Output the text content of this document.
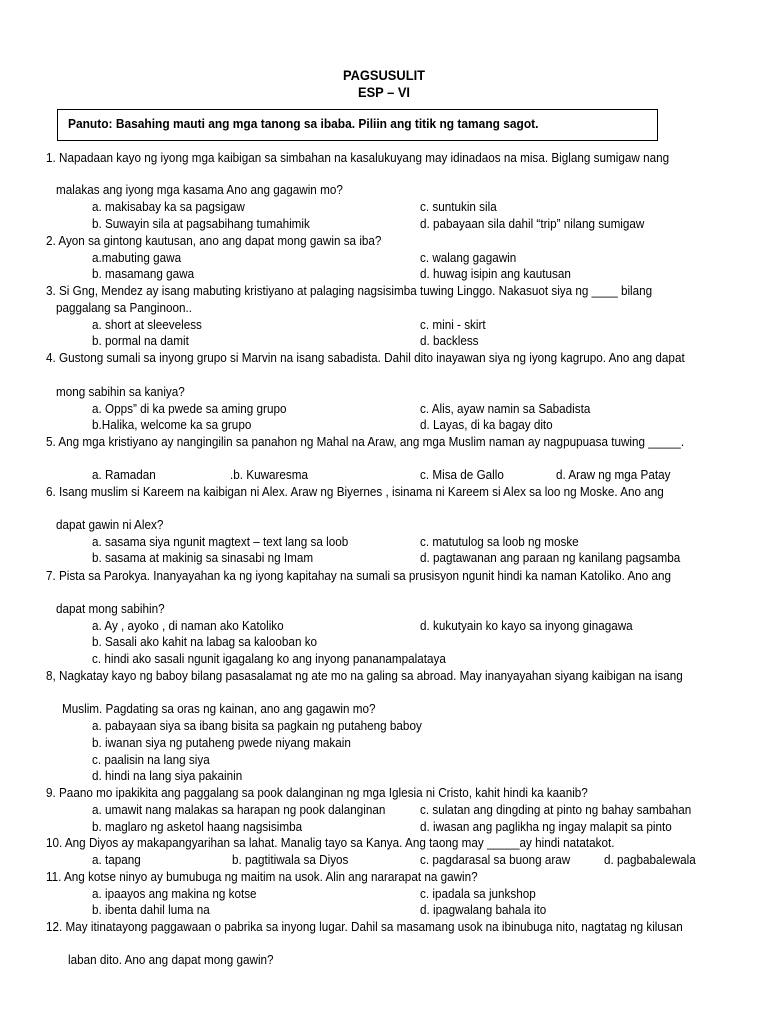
PAGSUSULIT
ESP – VI
Panuto: Basahing mauti ang mga tanong sa ibaba. Piliin ang titik ng tamang sagot.
1. Napadaan kayo ng iyong mga kaibigan sa simbahan na kasalukuyang may idinadaos na misa. Biglang sumigaw nang
malakas ang iyong mga kasama Ano ang gagawin mo?
a. makisabay ka sa pagsigaw	c. suntukin sila
b. Suwayin sila at pagsabihang tumahimik	d. pabayaan sila dahil “trip” nilang sumigaw
2. Ayon sa gintong kautusan, ano ang dapat mong gawin sa iba?
a.mabuting gawa	c. walang gagawin
b. masamang gawa	d. huwag isipin ang kautusan
3. Si Gng, Mendez ay isang mabuting kristiyano at palaging nagsisimba tuwing Linggo. Nakasuot siya ng ____ bilang
paggalang sa Panginoon..
a. short at sleeveless	c. mini - skirt
b. pormal na damit	d. backless
4. Gustong sumali sa inyong grupo si Marvin na isang sabadista. Dahil dito inayawan siya ng iyong kagrupo. Ano ang dapat
mong sabihin sa kaniya?
a. Opps” di ka pwede sa aming grupo	c. Alis, ayaw namin sa Sabadista
b.Halika, welcome ka sa grupo	d. Layas, di ka bagay dito
5. Ang mga kristiyano ay nangingilin sa panahon ng Mahal na Araw, ang mga Muslim naman ay nagpupuasa tuwing _____.
a. Ramadan	.b. Kuwaresma	c. Misa de Gallo	d. Araw ng mga Patay
6. Isang muslim si Kareem na kaibigan ni Alex. Araw ng Biyernes , isinama ni Kareem si Alex sa loo ng Moske. Ano ang
dapat gawin ni Alex?
a. sasama siya ngunit magtext – text lang sa loob	c. matutulog sa loob ng moske
b. sasama at makinig sa sinasabi ng Imam	d. pagtawanan ang paraan ng kanilang pagsamba
7. Pista sa Parokya. Inanyayahan ka ng iyong kapitahay na sumali sa prusisyon ngunit hindi ka naman Katoliko. Ano ang
dapat mong sabihin?
a. Ay , ayoko , di naman ako Katoliko	d. kukutyain ko kayo sa inyong ginagawa
b. Sasali ako kahit na labag sa kalooban ko
c. hindi ako sasali ngunit igagalang ko ang inyong pananampalataya
8, Nagkatay kayo ng baboy bilang pasasalamat ng ate mo na galing sa abroad. May inanyayahan siyang kaibigan na isang
Muslim. Pagdating sa oras ng kainan, ano ang gagawin mo?
a. pabayaan siya sa ibang bisita sa pagkain ng putaheng baboy
b. iwanan siya ng putaheng pwede niyang makain
c. paalisin na lang siya
d. hindi na lang siya pakainin
9. Paano mo ipakikita ang paggalang sa pook dalanginan ng mga Iglesia ni Cristo, kahit hindi ka kaanib?
a. umawit nang malakas sa harapan ng pook dalanginan	c. sulatan ang dingding at pinto ng bahay sambahan
b. maglaro ng asketol haang nagsisimba	d. iwasan ang paglikha ng ingay malapit sa pinto
10. Ang Diyos ay makapangyarihan sa lahat. Manalig tayo sa Kanya. Ang taong may _____ay hindi natatakot.
a. tapang	b. pagtitiwala sa Diyos	c. pagdarasal sa buong araw	d. pagbabalewala
11. Ang kotse ninyo ay bumubuga ng maitim na usok. Alin ang nararapat na gawin?
a. ipaayos ang makina ng kotse	c. ipadala sa junkshop
b. ibenta dahil luma na	d. ipagwalang bahala ito
12. May itinatayong paggawaan o pabrika sa inyong lugar. Dahil sa masamang usok na ibinubuga nito, nagtatag ng kilusan
laban dito. Ano ang dapat mong gawin?
